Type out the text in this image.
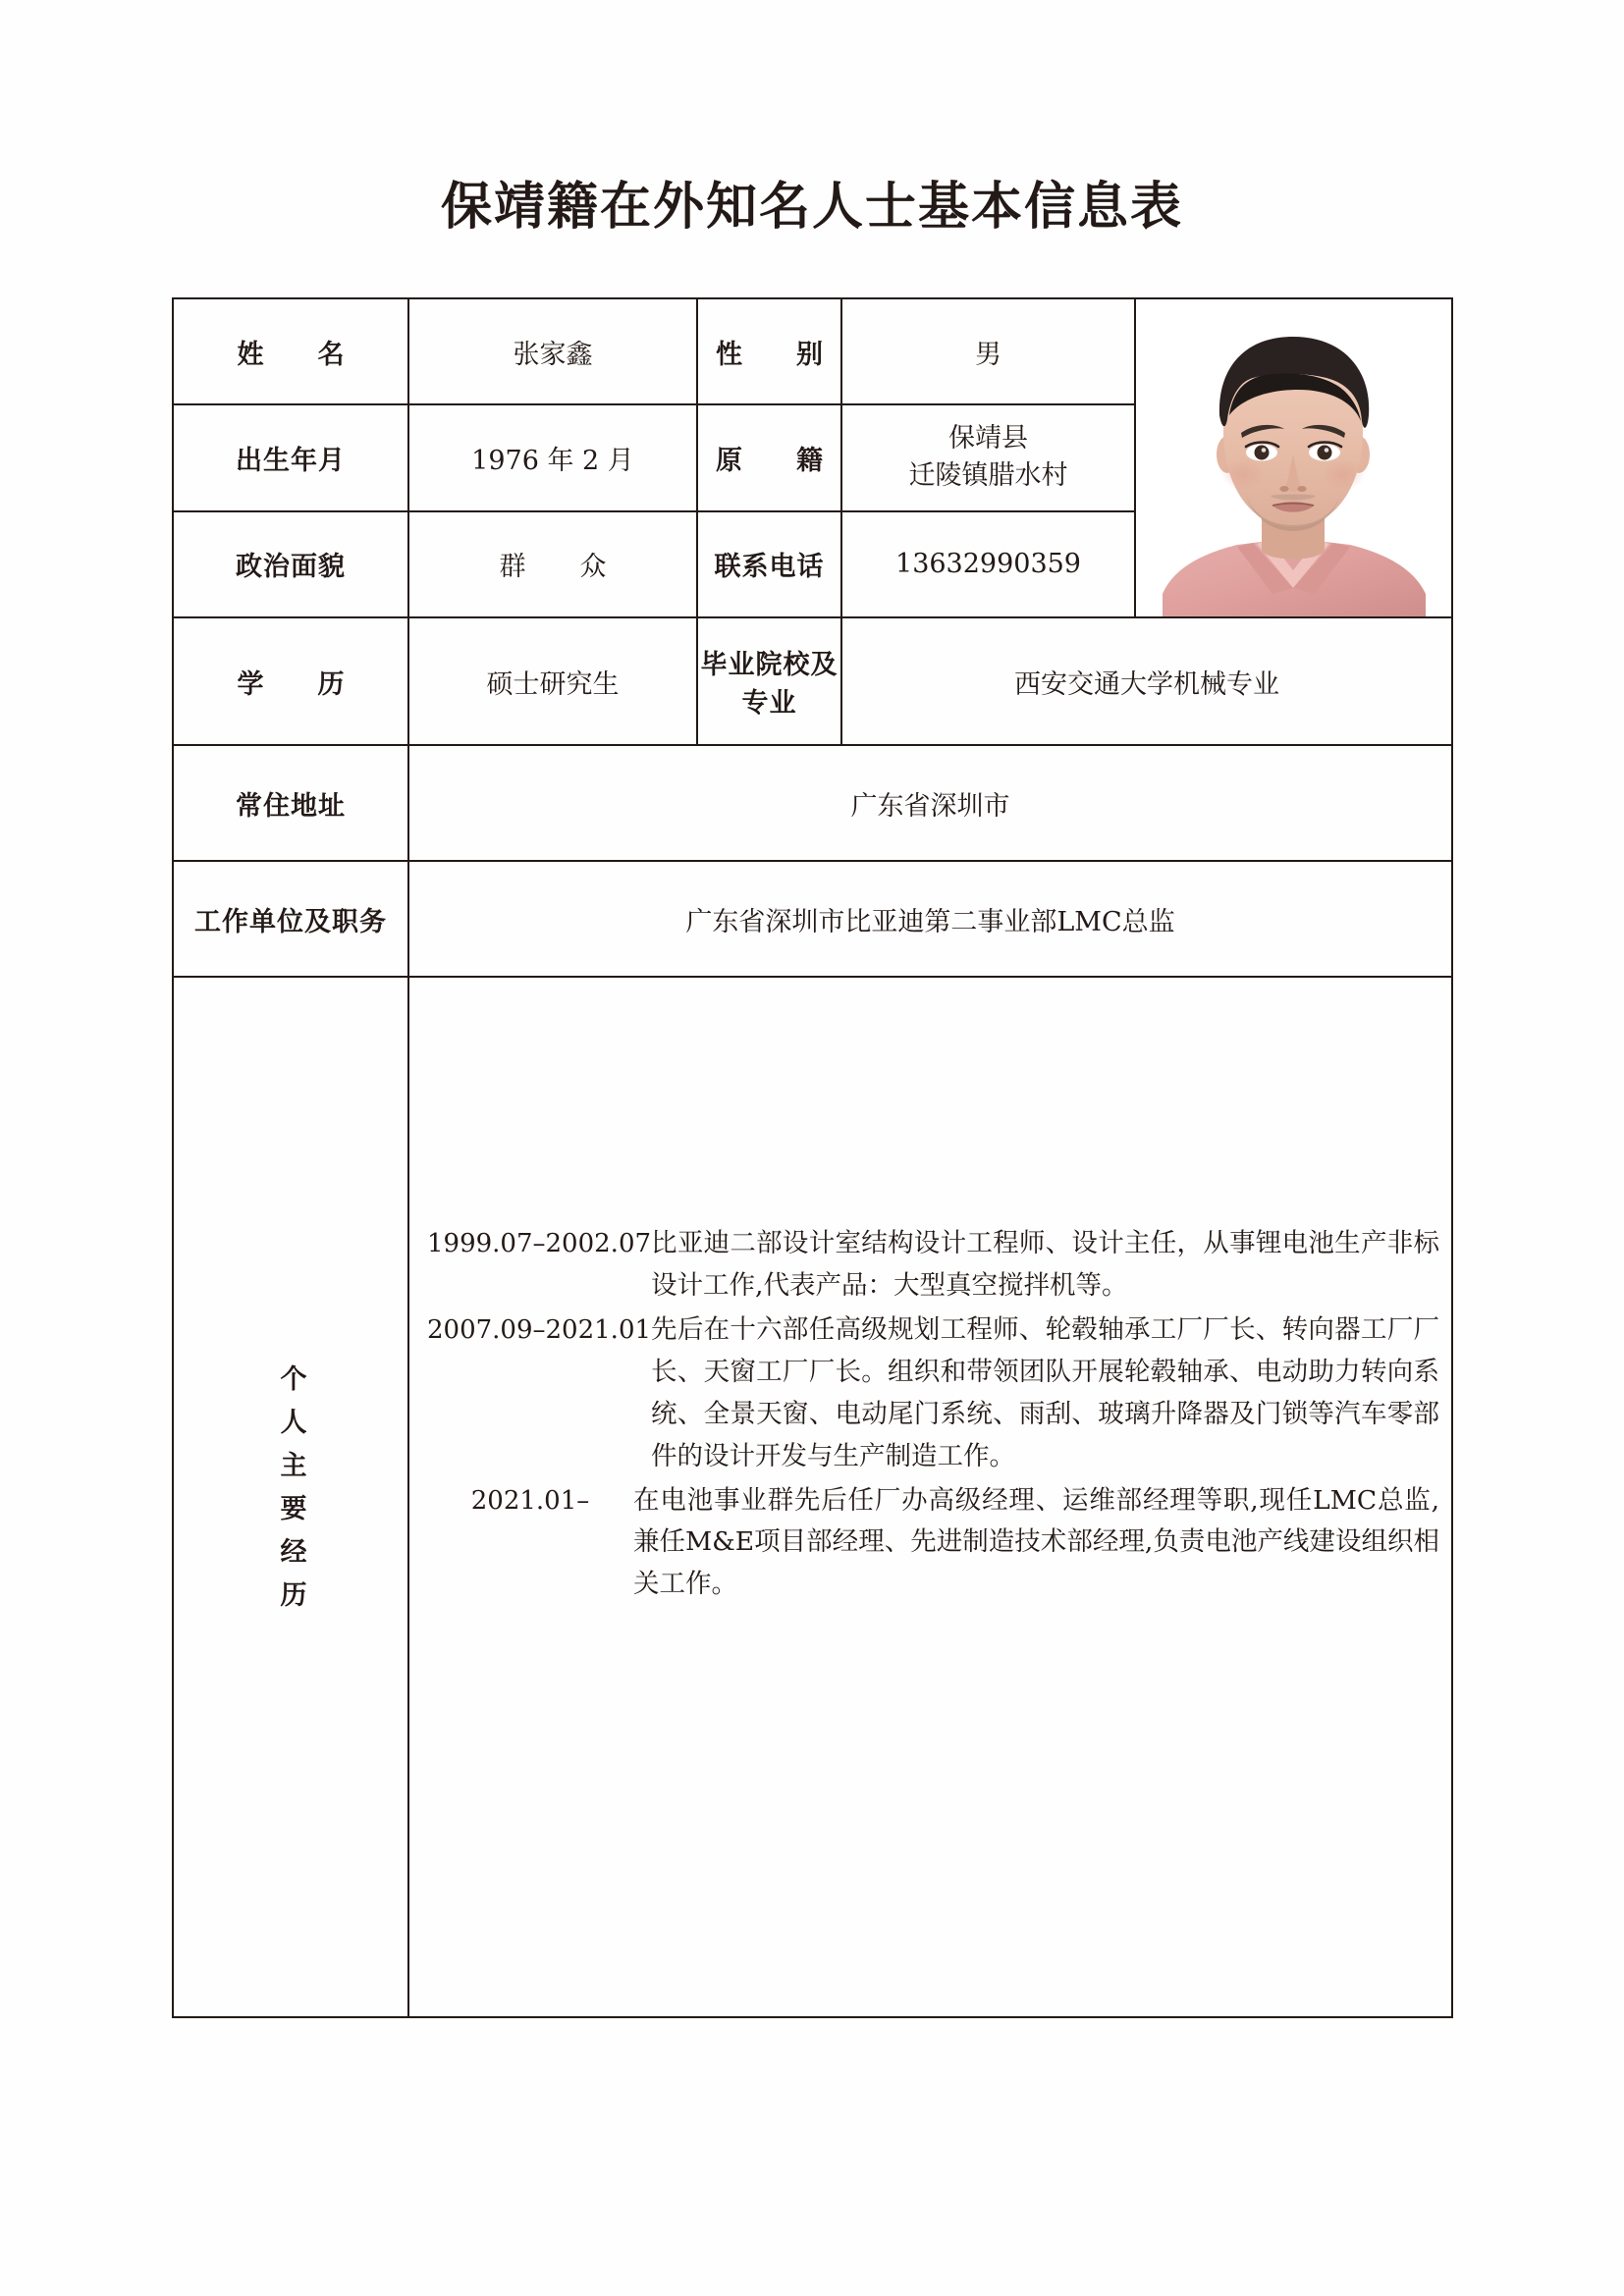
保靖籍在外知名人士基本信息表
姓　名	张家鑫	性　别	男	

出生年月	1976 年 2 月	原　籍	保靖县
迁陵镇腊水村	

政治面貌	群　众	联系电话	13632990359	
学　历	硕士研究生	毕业院校及专业	西安交通大学机械专业	
常住地址	广东省深圳市			
工作单位及职务	广东省深圳市比亚迪第二事业部LMC总监			
个人主要经历	
1999.07–2002.07 比亚迪二部设计室结构设计工程师、设计主任，从事锂电池生产非标设计工作,代表产品：大型真空搅拌机等。
2007.09–2021.01 先后在十六部任高级规划工程师、轮毂轴承工厂厂长、转向器工厂厂长、天窗工厂厂长。组织和带领团队开展轮毂轴承、电动助力转向系统、全景天窗、电动尾门系统、雨刮、玻璃升降器及门锁等汽车零部件的设计开发与生产制造工作。
2021.01–	在电池事业群先后任厂办高级经理、运维部经理等职,现任LMC总监,兼任M&E项目部经理、先进制造技术部经理,负责电池产线建设组织相关工作。
